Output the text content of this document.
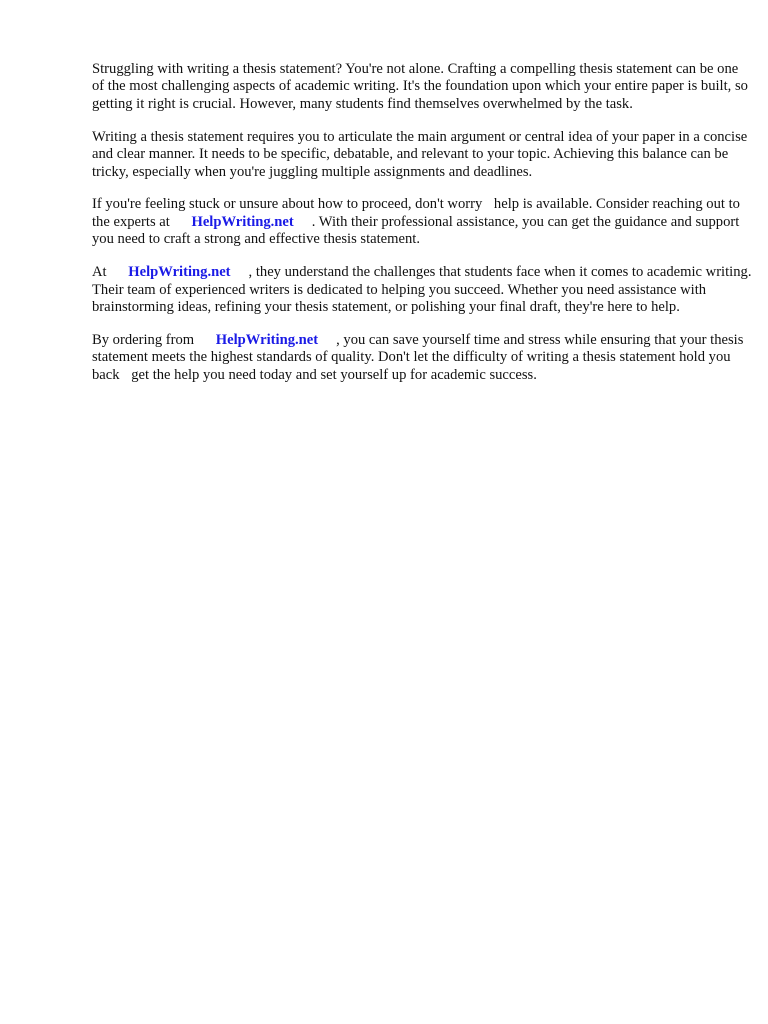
Struggling with writing a thesis statement? You're not alone. Crafting a compelling thesis statement can be one of the most challenging aspects of academic writing. It's the foundation upon which your entire paper is built, so getting it right is crucial. However, many students find themselves overwhelmed by the task.

Writing a thesis statement requires you to articulate the main argument or central idea of your paper in a concise and clear manner. It needs to be specific, debatable, and relevant to your topic. Achieving this balance can be tricky, especially when you're juggling multiple assignments and deadlines.

If you're feeling stuck or unsure about how to proceed, don't worry help is available. Consider reaching out to the experts at HelpWriting.net . With their professional assistance, you can get the guidance and support you need to craft a strong and effective thesis statement.

At HelpWriting.net , they understand the challenges that students face when it comes to academic writing. Their team of experienced writers is dedicated to helping you succeed. Whether you need assistance with brainstorming ideas, refining your thesis statement, or polishing your final draft, they're here to help.

By ordering from HelpWriting.net , you can save yourself time and stress while ensuring that your thesis statement meets the highest standards of quality. Don't let the difficulty of writing a thesis statement hold you back get the help you need today and set yourself up for academic success.
